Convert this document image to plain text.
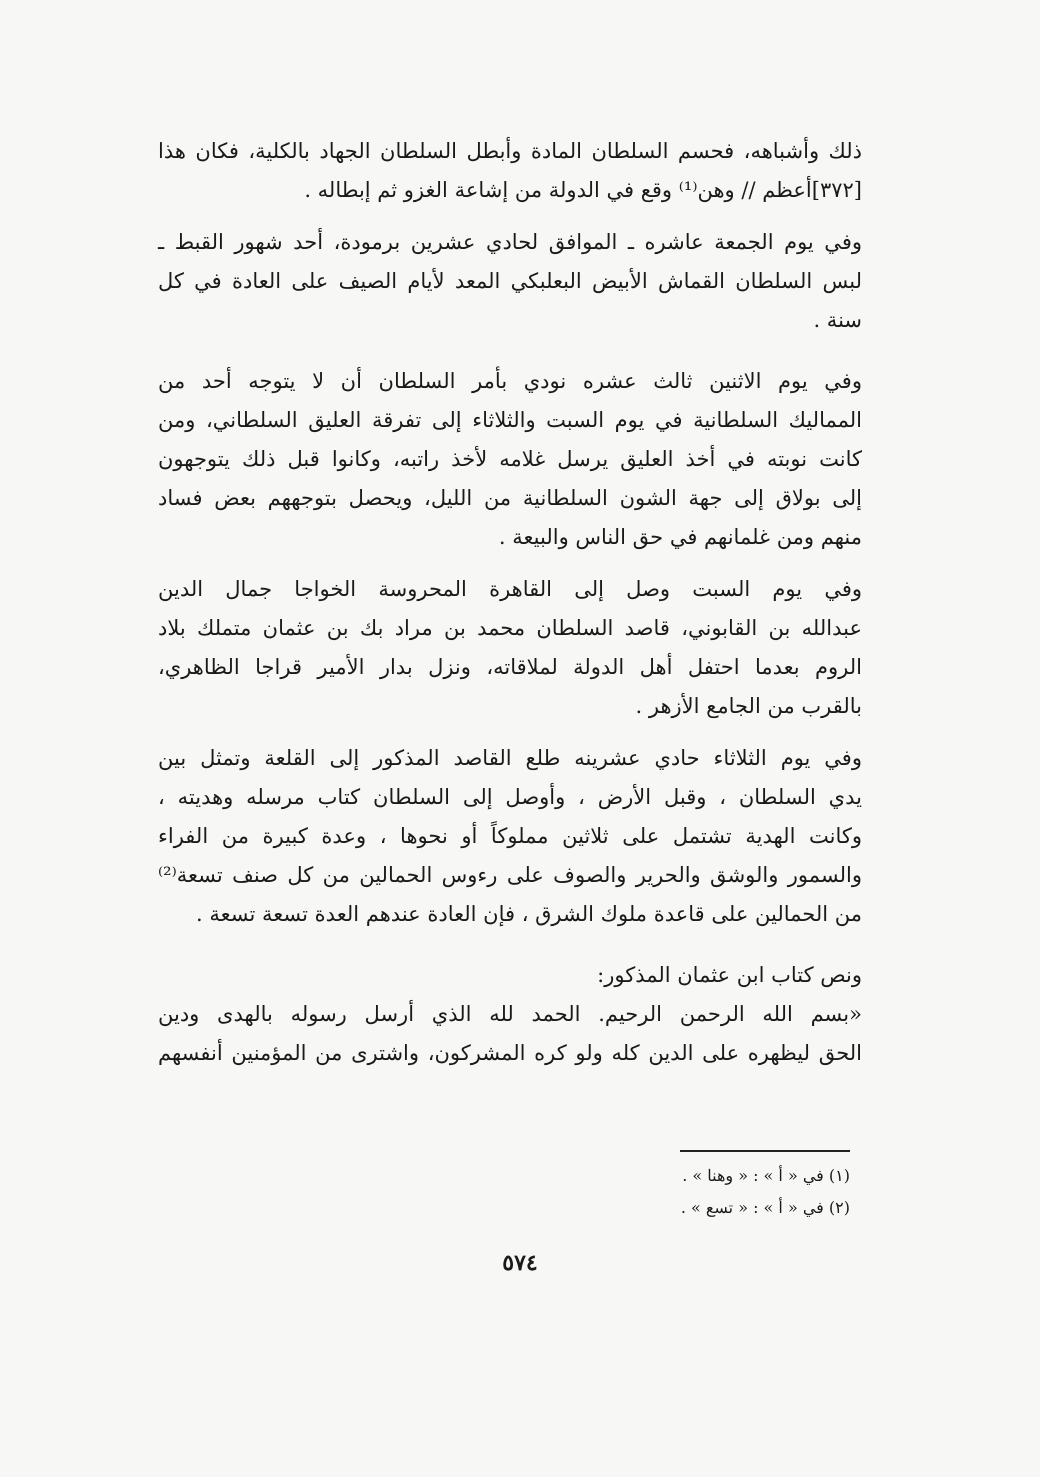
ذلك وأشباهه، فحسم السلطان المادة وأبطل السلطان الجهاد بالكلية، فكان هذا
[٣٧٢]أعظم // وهن⁽¹⁾ وقع في الدولة من إشاعة الغزو ثم إبطاله .

وفي يوم الجمعة عاشره ـ الموافق لحادي عشرين برمودة، أحد شهور القبط ـ
لبس السلطان القماش الأبيض البعلبكي المعد لأيام الصيف على العادة في كل
سنة .

وفي يوم الاثنين ثالث عشره نودي بأمر السلطان أن لا يتوجه أحد من
المماليك السلطانية في يوم السبت والثلاثاء إلى تفرقة العليق السلطاني، ومن
كانت نوبته في أخذ العليق يرسل غلامه لأخذ راتبه، وكانوا قبل ذلك يتوجهون
إلى بولاق إلى جهة الشون السلطانية من الليل، ويحصل بتوجههم بعض فساد
منهم ومن غلمانهم في حق الناس والبيعة .

وفي يوم السبت وصل إلى القاهرة المحروسة الخواجا جمال الدين
عبدالله بن القابوني، قاصد السلطان محمد بن مراد بك بن عثمان متملك بلاد
الروم بعدما احتفل أهل الدولة لملاقاته، ونزل بدار الأمير قراجا الظاهري،
بالقرب من الجامع الأزهر .

وفي يوم الثلاثاء حادي عشرينه طلع القاصد المذكور إلى القلعة وتمثل بين
يدي السلطان ، وقبل الأرض ، وأوصل إلى السلطان كتاب مرسله وهديته ،
وكانت الهدية تشتمل على ثلاثين مملوكاً أو نحوها ، وعدة كبيرة من الفراء
والسمور والوشق والحرير والصوف على رءوس الحمالين من كل صنف تسعة⁽²⁾
من الحمالين على قاعدة ملوك الشرق ، فإن العادة عندهم العدة تسعة تسعة .

ونص كتاب ابن عثمان المذكور:

«بسم الله الرحمن الرحيم. الحمد لله الذي أرسل رسوله بالهدى ودين
الحق ليظهره على الدين كله ولو كره المشركون، واشترى من المؤمنين أنفسهم

(١) في « أ » : « وهنا » .
(٢) في « أ » : « تسع » .
٥٧٤
